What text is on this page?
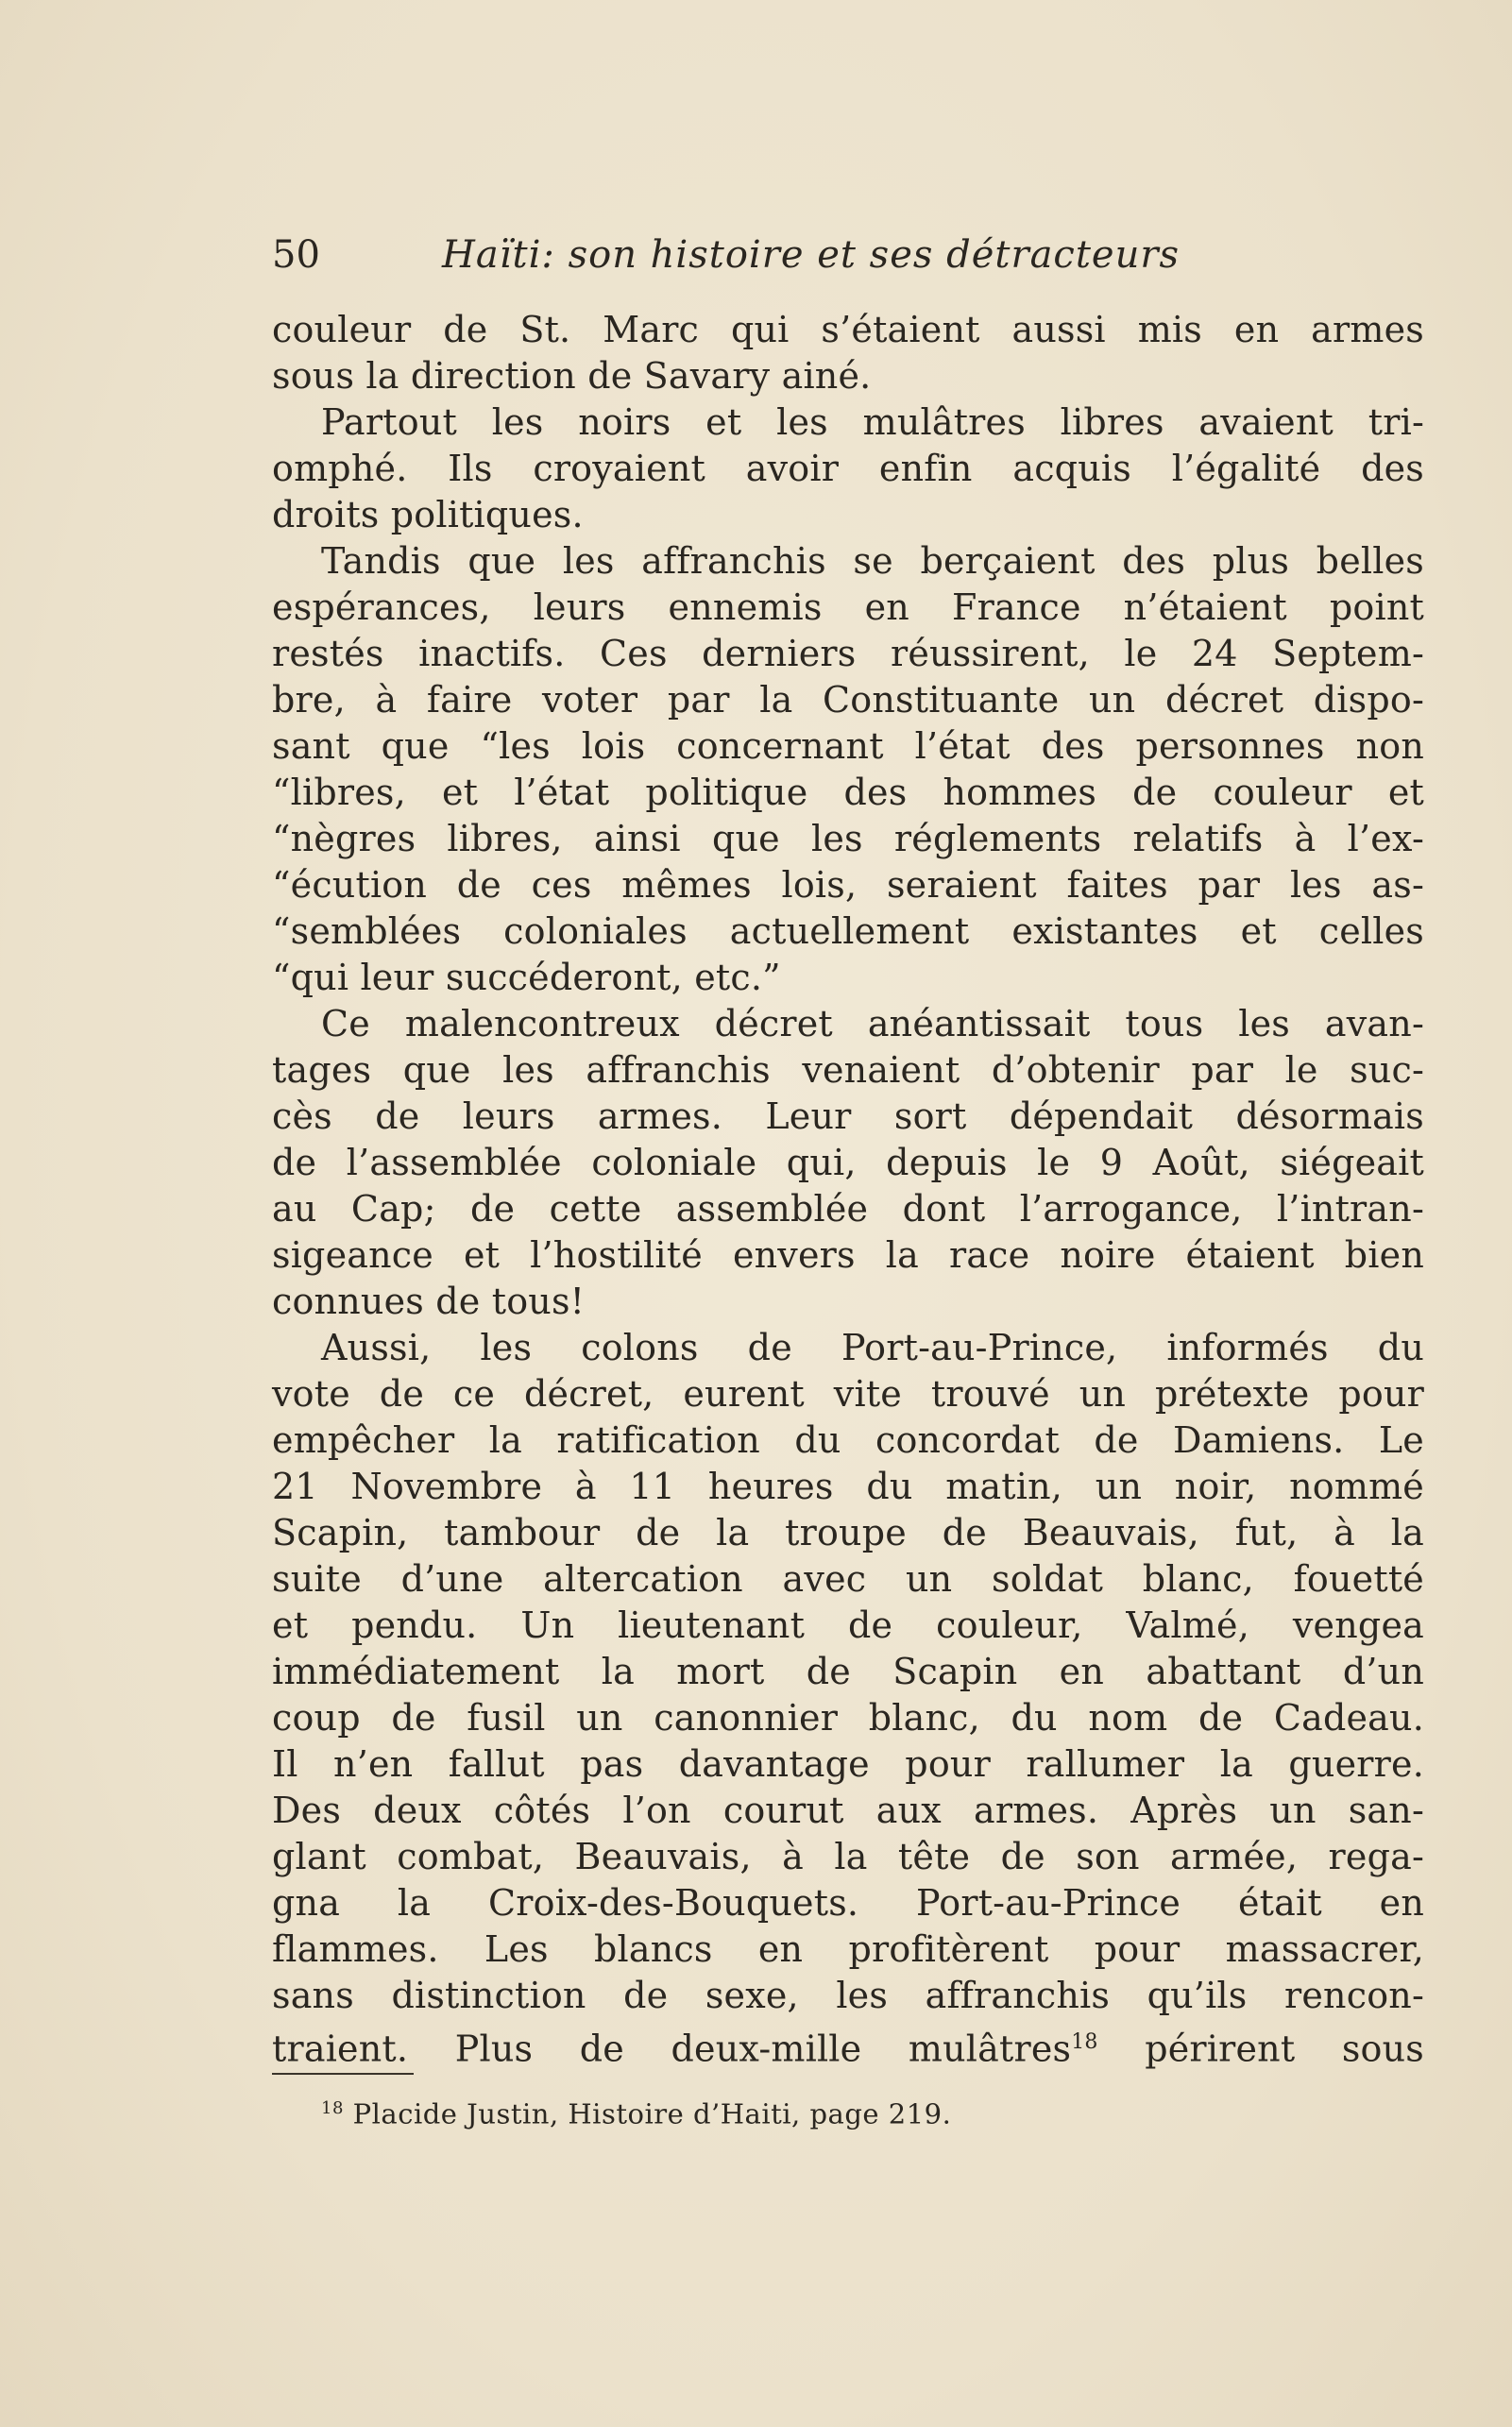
50	Haïti: son histoire et ses détracteurs
couleur de St. Marc qui s’étaient aussi mis en armes
sous la direction de Savary ainé.
Partout les noirs et les mulâtres libres avaient tri-
omphé. Ils croyaient avoir enfin acquis l’égalité des
droits politiques.
Tandis que les affranchis se berçaient des plus belles
espérances, leurs ennemis en France n’étaient point
restés inactifs. Ces derniers réussirent, le 24 Septem-
bre, à faire voter par la Constituante un décret dispo-
sant que “les lois concernant l’état des personnes non
“libres, et l’état politique des hommes de couleur et
“nègres libres, ainsi que les réglements relatifs à l’ex-
“écution de ces mêmes lois, seraient faites par les as-
“semblées coloniales actuellement existantes et celles
“qui leur succéderont, etc.”
Ce malencontreux décret anéantissait tous les avan-
tages que les affranchis venaient d’obtenir par le suc-
cès de leurs armes. Leur sort dépendait désormais
de l’assemblée coloniale qui, depuis le 9 Août, siégeait
au Cap; de cette assemblée dont l’arrogance, l’intran-
sigeance et l’hostilité envers la race noire étaient bien
connues de tous!
Aussi, les colons de Port-au-Prince, informés du
vote de ce décret, eurent vite trouvé un prétexte pour
empêcher la ratification du concordat de Damiens. Le
21 Novembre à 11 heures du matin, un noir, nommé
Scapin, tambour de la troupe de Beauvais, fut, à la
suite d’une altercation avec un soldat blanc, fouetté
et pendu. Un lieutenant de couleur, Valmé, vengea
immédiatement la mort de Scapin en abattant d’un
coup de fusil un canonnier blanc, du nom de Cadeau.
Il n’en fallut pas davantage pour rallumer la guerre.
Des deux côtés l’on courut aux armes. Après un san-
glant combat, Beauvais, à la tête de son armée, rega-
gna la Croix-des-Bouquets. Port-au-Prince était en
flammes. Les blancs en profitèrent pour massacrer,
sans distinction de sexe, les affranchis qu’ils rencon-
traient. Plus de deux-mille mulâtres$^{18}$ périrent sous
$^{18}$ Placide Justin, Histoire d’Haiti, page 219.
